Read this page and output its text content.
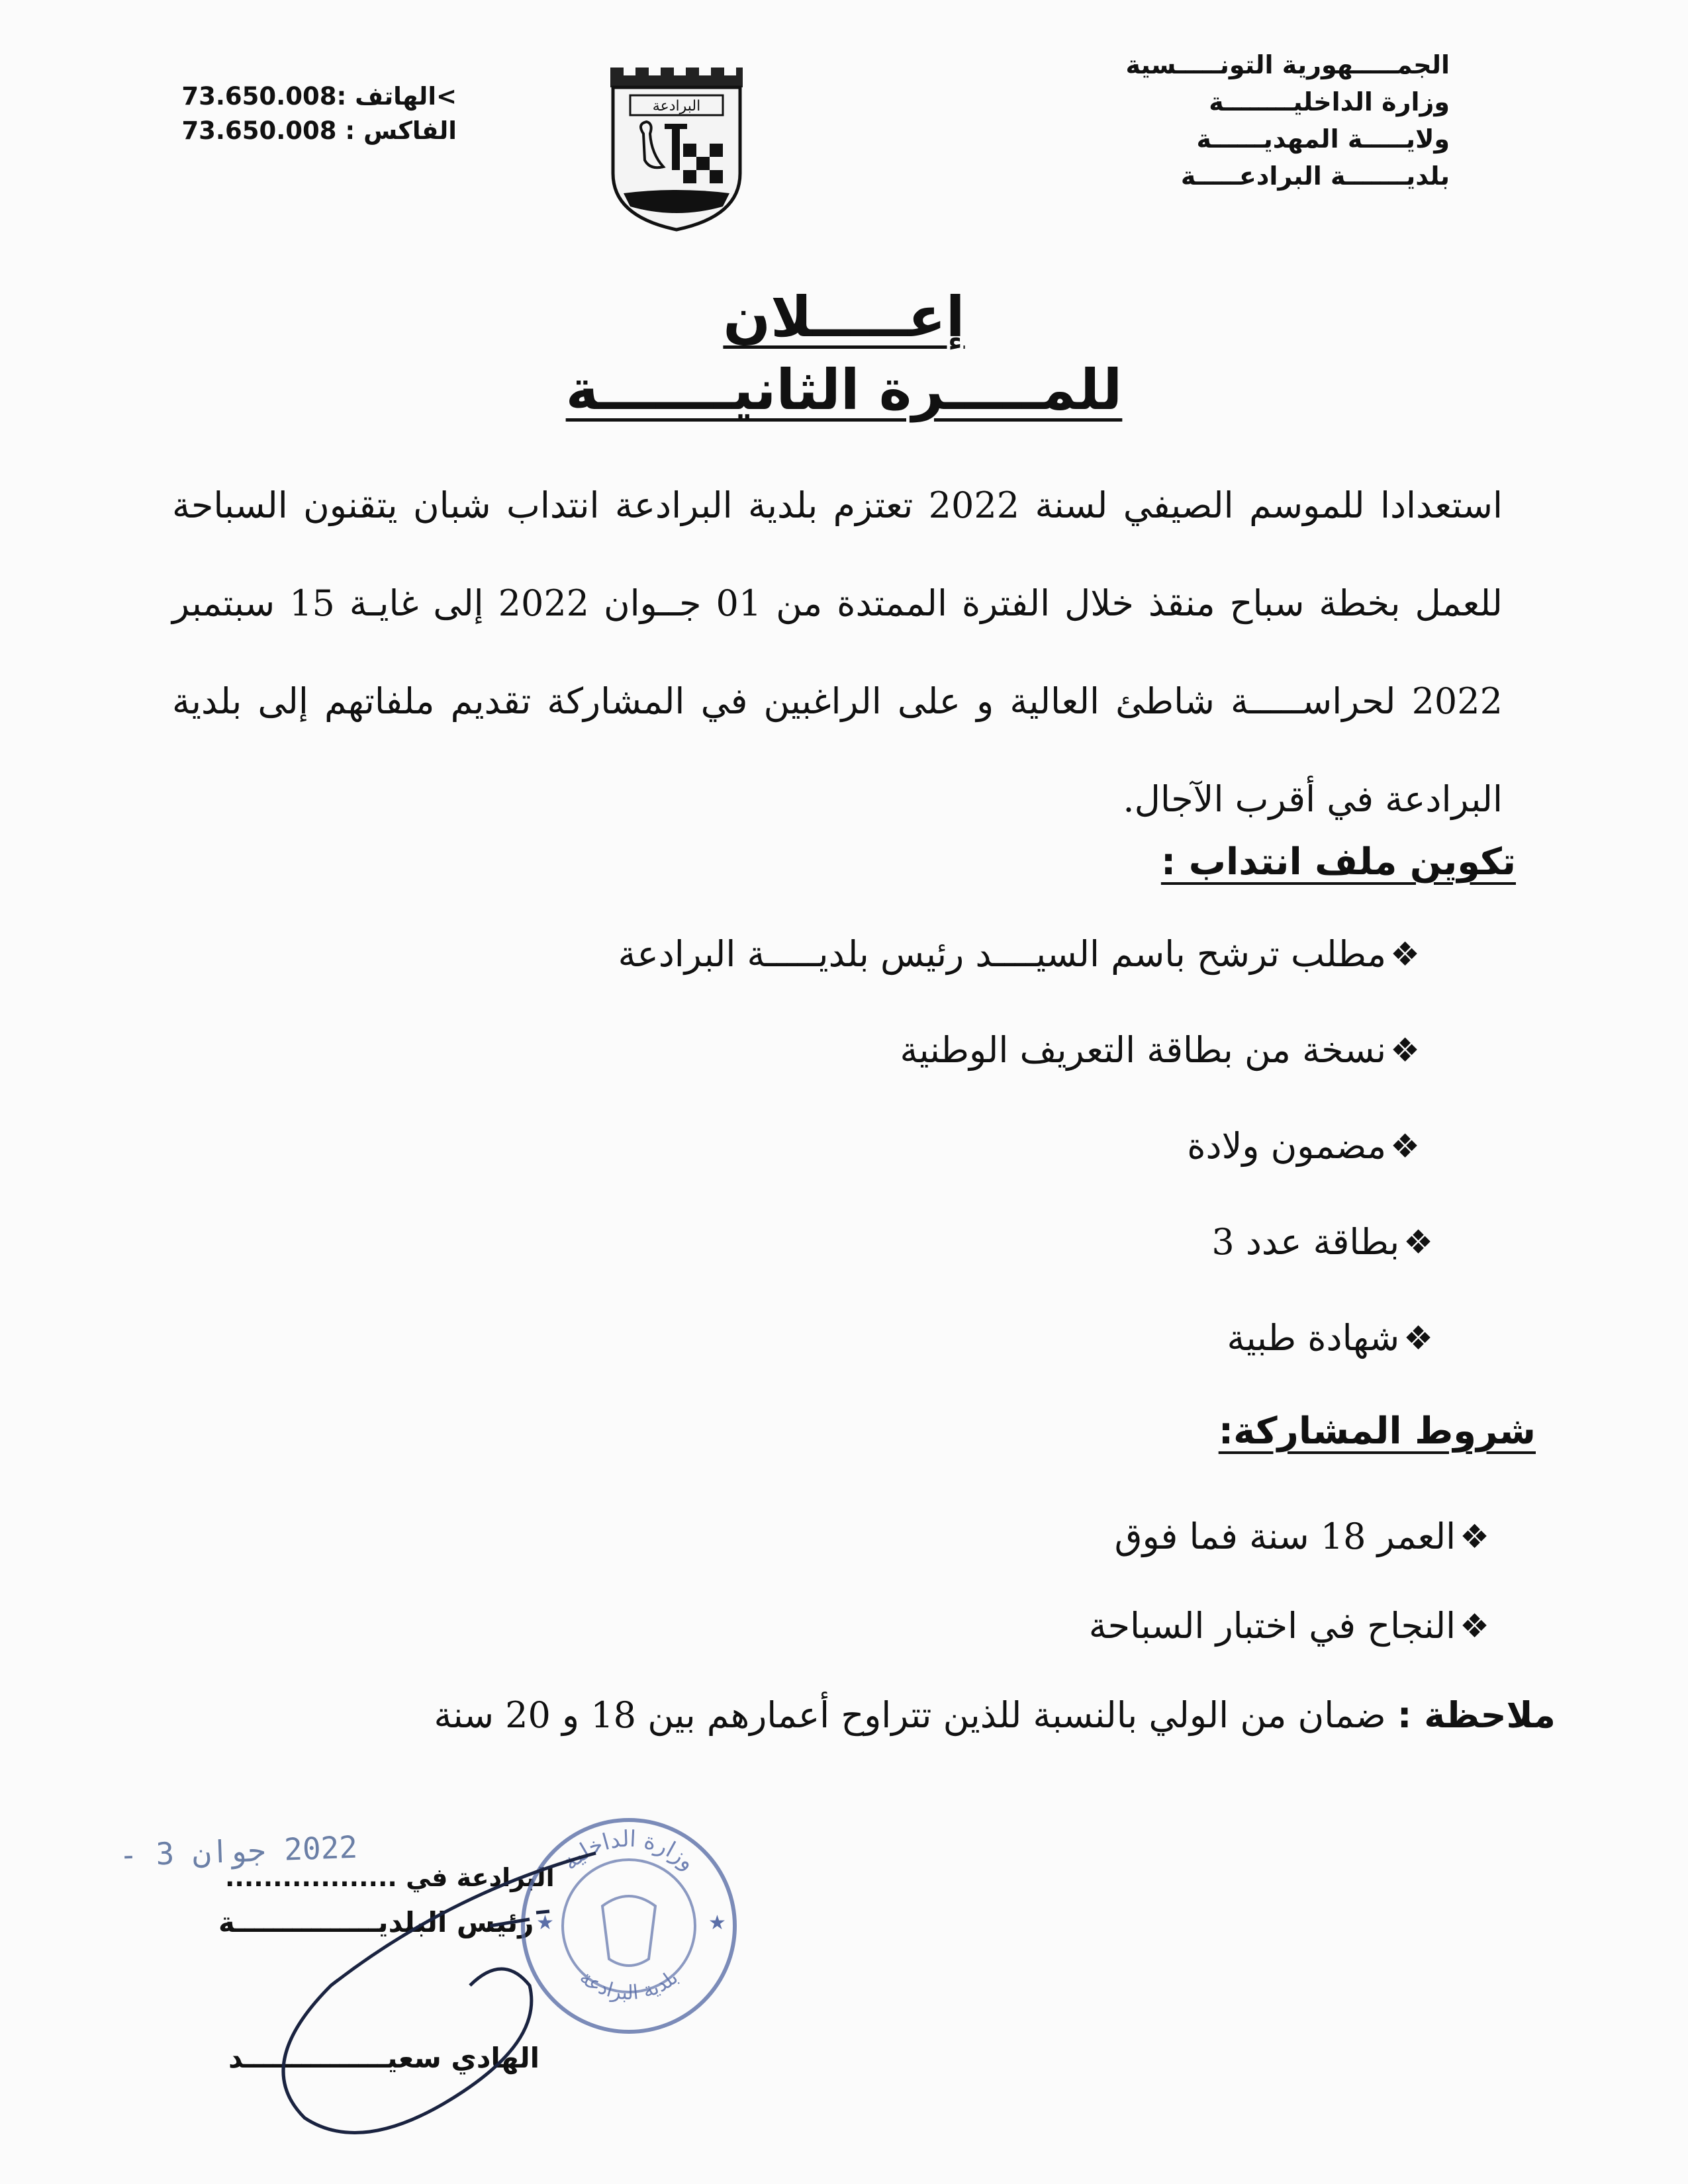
>الهاتف :73.650.008
الفاكس : 73.650.008
البرادعة
الجمـــــهورية التونـــــسية
وزارة الداخليــــــــة
ولايـــــة المهديــــــة
بلديـــــــة البرادعـــــة
إعـــــلان
للمـــــرة الثانيـــــــة
استعدادا للموسم الصيفي لسنة 2022 تعتزم بلدية البرادعة انتداب شبان يتقنون السباحة للعمل بخطة سباح منقذ خلال الفترة الممتدة من 01 جــوان 2022 إلى غايـة 15 سبتمبر 2022 لحراســـــة شاطئ العالية و على الراغبين في المشاركة تقديم ملفاتهم إلى بلدية البرادعة في أقرب الآجال.
تكوين ملف انتداب :
❖
مطلب ترشح باسم السيــــد رئيس بلديـــــة البرادعة
❖
نسخة من بطاقة التعريف الوطنية
❖
مضمون ولادة
❖
بطاقة عدد 3
❖
شهادة طبية
شروط المشاركة:
❖
العمر 18 سنة فما فوق
❖
النجاح في اختبار السباحة
ملاحظة : ضمان من الولي بالنسبة للذين تتراوح أعمارهم بين 18 و 20 سنة
2022 جوان 3 -
البرادعة في ..................
رئيس البلديـــــــــــــــة
الهادي سعيـــــــــــــــد
وزارة الداخلية
بلدية البرادعة
★	★
